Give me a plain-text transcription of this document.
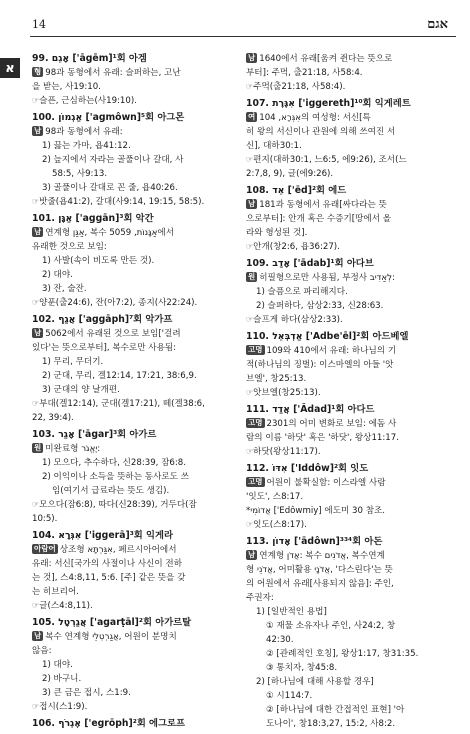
14	אגם
א
99. אָגֵם ['āgēm]¹회 아겜
형 98과 동형에서 유래: 슬퍼하는, 고난
을 받는, 사19:10.
☞슬픈, 근심하는(사19:10).
100. אַגְמוֹן ['agmôwn]⁵회 아그몬
남 98과 동형에서 유래:
1) 끓는 가마, 욥41:12.
2) 늪지에서 자라는 골풀이나 갈대, 사
58:5, 사9:13.
3) 골풀이나 갈대로 꼰 줄, 욥40:26.
☞밧줄(욥41:2), 갈대(사9:14, 19:15, 58:5).
101. אַגָּן ['aggān]³회 악간
남 연계형 אַגַּן, 복수 אַגָּנוֹת, 5059에서
유래한 것으로 보임:
1) 사발(속이 비도록 만든 것).
2) 대야.
3) 잔, 술잔.
☞양푼(출24:6), 잔(아7:2), 종지(사22:24).
102. אֲגַף ['aggāph]⁷회 악가프
남 5062에서 유래된 것으로 보임['걸려
있다'는 뜻으로부터], 복수로만 사용됨:
1) 무리, 무더기.
2) 군대, 무리, 겔12:14, 17:21, 38:6,9.
3) 군대의 양 날개편.
☞부대(겔12:14), 군대(겔17:21), 떼(겔38:6,
22, 39:4).
103. אָגַר ['āgar]³회 아가르
원 미완료형 יֶאֱגֹר:
1) 모으다, 추수하다, 신28:39, 잠6:8.
2) 이익이나 소득을 뜻하는 동사로도 쓰
임(여기서 급료라는 뜻도 생김).
☞모으다(잠6:8), 따다(신28:39), 거두다(잠
10:5).
104. אִגְּרָא ['iggerā]³회 익게라
아람어 상조형 אִגַּרְתָּא, 페르시아어에서
유래: 서신[국가의 사절이나 사신이 전하
는 것], 스4:8,11, 5:6. [주] 같은 뜻을 갖
는 히브리어.
☞글(스4:8,11).
105. אֲגַרְטָל ['agarṭāl]²회 아가르탈
남 복수 연계형 אֲגַרְטְלֵי, 어원이 분명치
않음:
1) 대야.
2) 바구니.
3) 큰 금은 접시, 스1:9.
☞접시(스1:9).
106. אֶגְרֹף ['egrōph]²회 에그로프
남 1640에서 유래[움켜 쥔다는 뜻으로
부터]: 주먹, 출21:18, 사58:4.
☞주먹(출21:18, 사58:4).
107. אִגֶּרֶת ['iggereth]¹⁰회 익게레트
여 אִגְּרָא, 104의 여성형: 서신[특
히 왕의 서신이나 관원에 의해 쓰여진 서
신], 대하30:1.
☞편지(대하30:1, 느6:5, 에9:26), 조서(느
2:7,8, 9), 글(에9:26).
108. אֵד ['ēd]²회 에드
남 181과 동형에서 유래[싸다라는 뜻
으로부터]: 안개 혹은 수증기[땅에서 올
라와 형성된 것].
☞안개(창2:6, 욥36:27).
109. אָדַב ['ādab]¹회 아다브
원 히필형으로만 사용됨, 부정사 לְאַדִיב:
1) 슬픔으로 파리해지다.
2) 슬퍼하다, 삼상2:33, 신28:63.
☞슬프게 하다(삼상2:33).
110. אַדְבְּאֵל ['Adbe'ēl]²회 아드베엘
고명 109와 410에서 유래: 하나님의 기
적(하나님의 징벌): 이스마엘의 아들 '앗
브엘', 창25:13.
☞앗브엘(창25:13).
111. אֲדַד ['Ădad]¹회 아다드
고명 2301의 어미 변화로 보임: 에돔 사
람의 이름 '하닷' 혹은 '하닷', 왕상11:17.
☞하닷(왕상11:17).
112. אִדּוֹ ['Iddôw]²회 잇도
고명 어원이 불확실함: 이스라엘 사람
'잇도', 스8:17.
*אֲדוֹמִי ['Edôwmiy] 에도미 30 참조.
☞잇도(스8:17).
113. אָדוֹן ['ādôwn]³³⁴회 아돈
남 연계형 אֲדֹן: 복수 אֲדֹנִים, 복수연계
형 אֲדֹנֵי, 어미활용 אֲדֹנָי, '다스린다'는 뜻
의 어원에서 유래[사용되지 않음]: 주인,
주권자:
1) [일반적인 용법]
① 재물 소유자나 주인, 사24:2, 창
42:30.
② [관례적인 호칭], 왕상1:17, 창31:35.
③ 통치자, 창45:8.
2) [하나님에 대해 사용할 경우]
① 시114:7.
② [하나님에 대한 간접적인 표현] '아
도나이', 창18:3,27, 15:2, 사8:2.
